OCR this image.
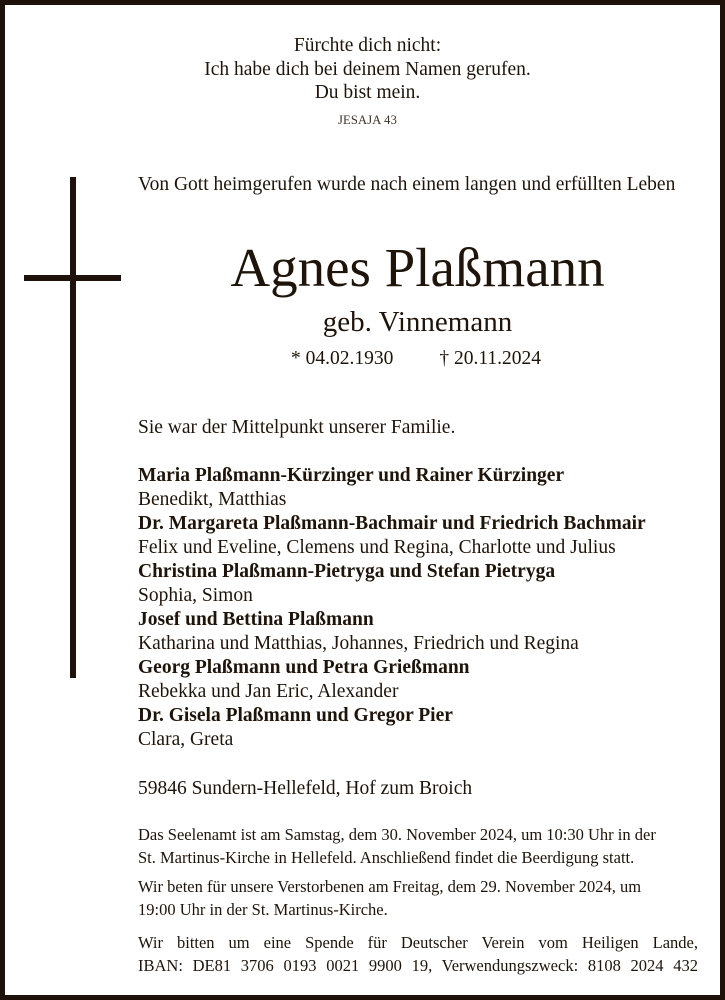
Fürchte dich nicht:
Ich habe dich bei deinem Namen gerufen.
Du bist mein.
JESAJA 43
Von Gott heimgerufen wurde nach einem langen und erfüllten Leben
Agnes Plaßmann
geb. Vinnemann
* 04.02.1930 † 20.11.2024
Sie war der Mittelpunkt unserer Familie.
Maria Plaßmann-Kürzinger und Rainer Kürzinger
Benedikt, Matthias
Dr. Margareta Plaßmann-Bachmair und Friedrich Bachmair
Felix und Eveline, Clemens und Regina, Charlotte und Julius
Christina Plaßmann-Pietryga und Stefan Pietryga
Sophia, Simon
Josef und Bettina Plaßmann
Katharina und Matthias, Johannes, Friedrich und Regina
Georg Plaßmann und Petra Grießmann
Rebekka und Jan Eric, Alexander
Dr. Gisela Plaßmann und Gregor Pier
Clara, Greta
59846 Sundern-Hellefeld, Hof zum Broich
Das Seelenamt ist am Samstag, dem 30. November 2024, um 10:30 Uhr in der
St. Martinus-Kirche in Hellefeld. Anschließend findet die Beerdigung statt.
Wir beten für unsere Verstorbenen am Freitag, dem 29. November 2024, um
19:00 Uhr in der St. Martinus-Kirche.
Wir bitten um eine Spende für Deutscher Verein vom Heiligen Lande,
IBAN: DE81 3706 0193 0021 9900 19, Verwendungszweck: 8108 2024 432
